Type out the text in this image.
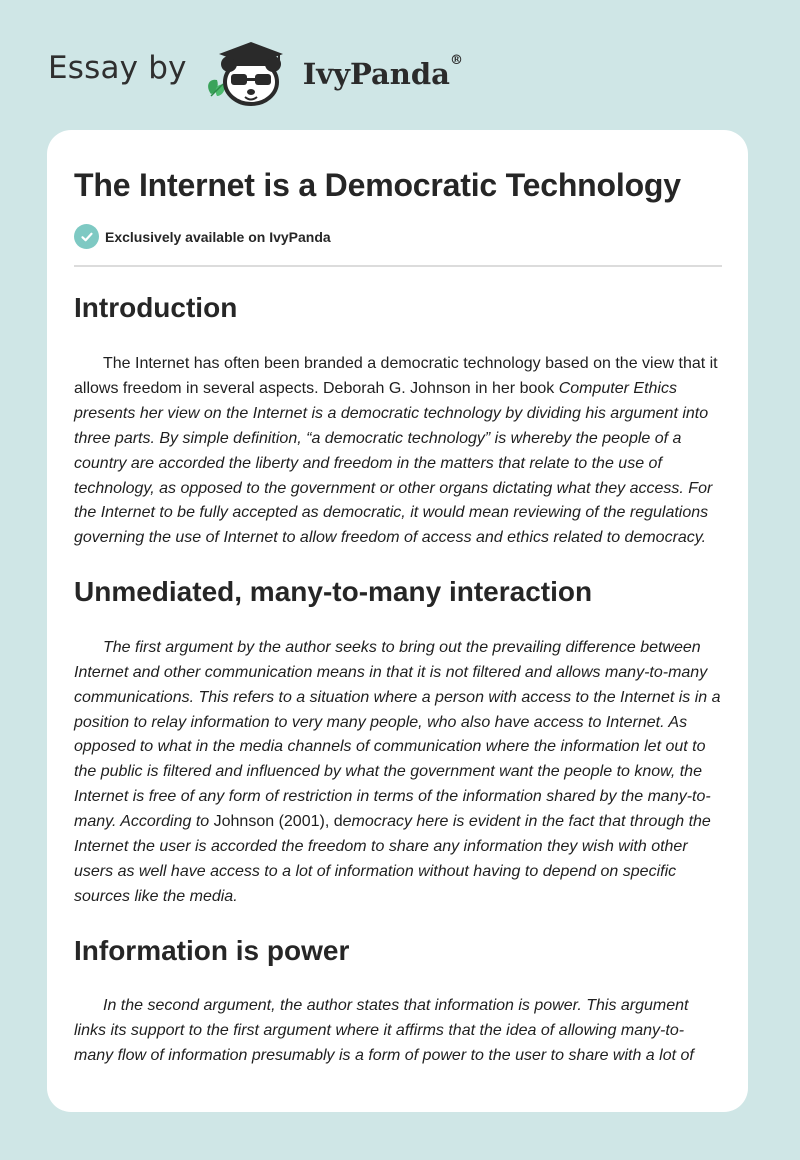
Essay by	IvyPanda®
The Internet is a Democratic Technology
Exclusively available on IvyPanda
Introduction

The Internet has often been branded a democratic technology based on the view that it allows freedom in several aspects. Deborah G. Johnson in her book Computer Ethics presents her view on the Internet is a democratic technology by dividing his argument into three parts. By simple definition, “a democratic technology” is whereby the people of a country are accorded the liberty and freedom in the matters that relate to the use of technology, as opposed to the government or other organs dictating what they access. For the Internet to be fully accepted as democratic, it would mean reviewing of the regulations governing the use of Internet to allow freedom of access and ethics related to democracy.

Unmediated, many-to-many interaction

The first argument by the author seeks to bring out the prevailing difference between Internet and other communication means in that it is not filtered and allows many-to-many communications. This refers to a situation where a person with access to the Internet is in a position to relay information to very many people, who also have access to Internet. As opposed to what in the media channels of communication where the information let out to the public is filtered and influenced by what the government want the people to know, the Internet is free of any form of restriction in terms of the information shared by the many-to-many. According to Johnson (2001), democracy here is evident in the fact that through the Internet the user is accorded the freedom to share any information they wish with other users as well have access to a lot of information without having to depend on specific sources like the media.

Information is power

In the second argument, the author states that information is power. This argument links its support to the first argument where it affirms that the idea of allowing many-to-many flow of information presumably is a form of power to the user to share with a lot of
